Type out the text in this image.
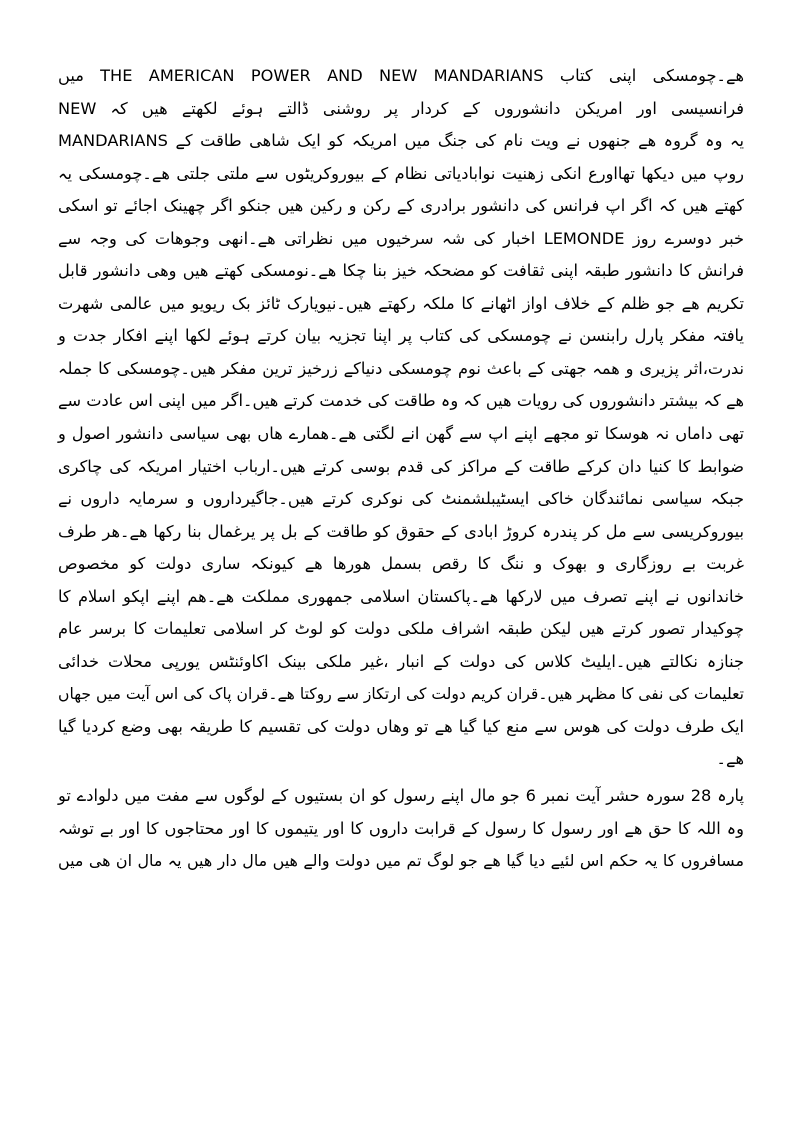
ھے۔چومسکی اپنی کتاب THE AMERICAN POWER AND NEW MANDARIANS میں
فرانسیسی اور امریکن دانشوروں کے کردار پر روشنی ڈالتے ہوئے لکھتے ھیں کہ NEW
MANDARIANS یہ وہ گروہ ھے جنھوں نے ویت نام کی جنگ میں امریکہ کو ایک شاھی طاقت کے
روپ میں دیکھا تھااورع انکی زھنیت نوابادیاتی نظام کے بیوروکریٹوں سے ملتی جلتی ھے۔چومسکی یہ
کھتے ھیں کہ اگر اپ فرانس کی دانشور برادری کے رکن و رکین ھیں جنکو اگر چھینک اجائے تو اسکی
خبر دوسرے روز LEMONDE اخبار کی شہ سرخیوں میں نظراتی ھے۔انھی وجوھات کی وجہ سے
فرانش کا دانشور طبقہ اپنی ثقافت کو مضحکہ خیز بنا چکا ھے۔نومسکی کھتے ھیں وھی دانشور قابل
تکریم ھے جو ظلم کے خلاف اواز اٹھانے کا ملکہ رکھتے ھیں۔نیویارک ٹائز بک ریویو میں عالمی شھرت
یافتہ مفکر پارل رابنسن نے چومسکی کی کتاب پر اپنا تجزیہ بیان کرتے ہوئے لکھا اپنے افکار جدت و
ندرت،اثر پزیری و ھمہ جھتی کے باعث نوم چومسکی دنیاکے زرخیز ترین مفکر ھیں۔چومسکی کا جملہ
ھے کہ بیشتر دانشوروں کی رویات ھیں کہ وہ طاقت کی خدمت کرتے ھیں۔اگر میں اپنی اس عادت سے
تھی داماں نہ ھوسکا تو مجھے اپنے اپ سے گھن انے لگتی ھے۔ھمارے ھاں بھی سیاسی دانشور اصول و
ضوابط کا کنیا دان کرکے طاقت کے مراکز کی قدم بوسی کرتے ھیں۔ارباب اختیار امریکہ کی چاکری
جبکہ سیاسی نمائندگان خاکی ایسٹیبلشمنٹ کی نوکری کرتے ھیں۔جاگیرداروں و سرمایہ داروں نے
بیوروکریسی سے مل کر پندرہ کروڑ ابادی کے حقوق کو طاقت کے بل پر یرغمال بنا رکھا ھے۔ھر طرف
غربت بے روزگاری و بھوک و ننگ کا رقص بسمل ھورھا ھے کیونکہ ساری دولت کو مخصوص
خاندانوں نے اپنے تصرف میں لارکھا ھے۔پاکستان اسلامی جمھوری مملکت ھے۔ھم اپنے اپکو اسلام کا
چوکیدار تصور کرتے ھیں لیکن طبقہ اشراف ملکی دولت کو لوٹ کر اسلامی تعلیمات کا برسر عام
جنازہ نکالتے ھیں۔ایلیٹ کلاس کی دولت کے انبار ،غیر ملکی بینک اکاوئنٹس یورپی محلات خدائی
تعلیمات کی نفی کا مظہر ھیں۔قران کریم دولت کی ارتکاز سے روکتا ھے۔قران پاک کی اس آیت میں جھاں
ایک طرف دولت کی ھوس سے منع کیا گیا ھے تو وھاں دولت کی تقسیم کا طریقہ بھی وضع کردیا گیا
ھے۔
پارہ 28 سورہ حشر آیت نمبر 6 جو مال اپنے رسول کو ان بستیوں کے لوگوں سے مفت میں دلوادے تو
وہ اللہ کا حق ھے اور رسول کا رسول کے قرابت داروں کا اور یتیموں کا اور محتاجوں کا اور بے توشہ
مسافروں کا یہ حکم اس لئیے دیا گیا ھے جو لوگ تم میں دولت والے ھیں مال دار ھیں یہ مال ان ھی میں
